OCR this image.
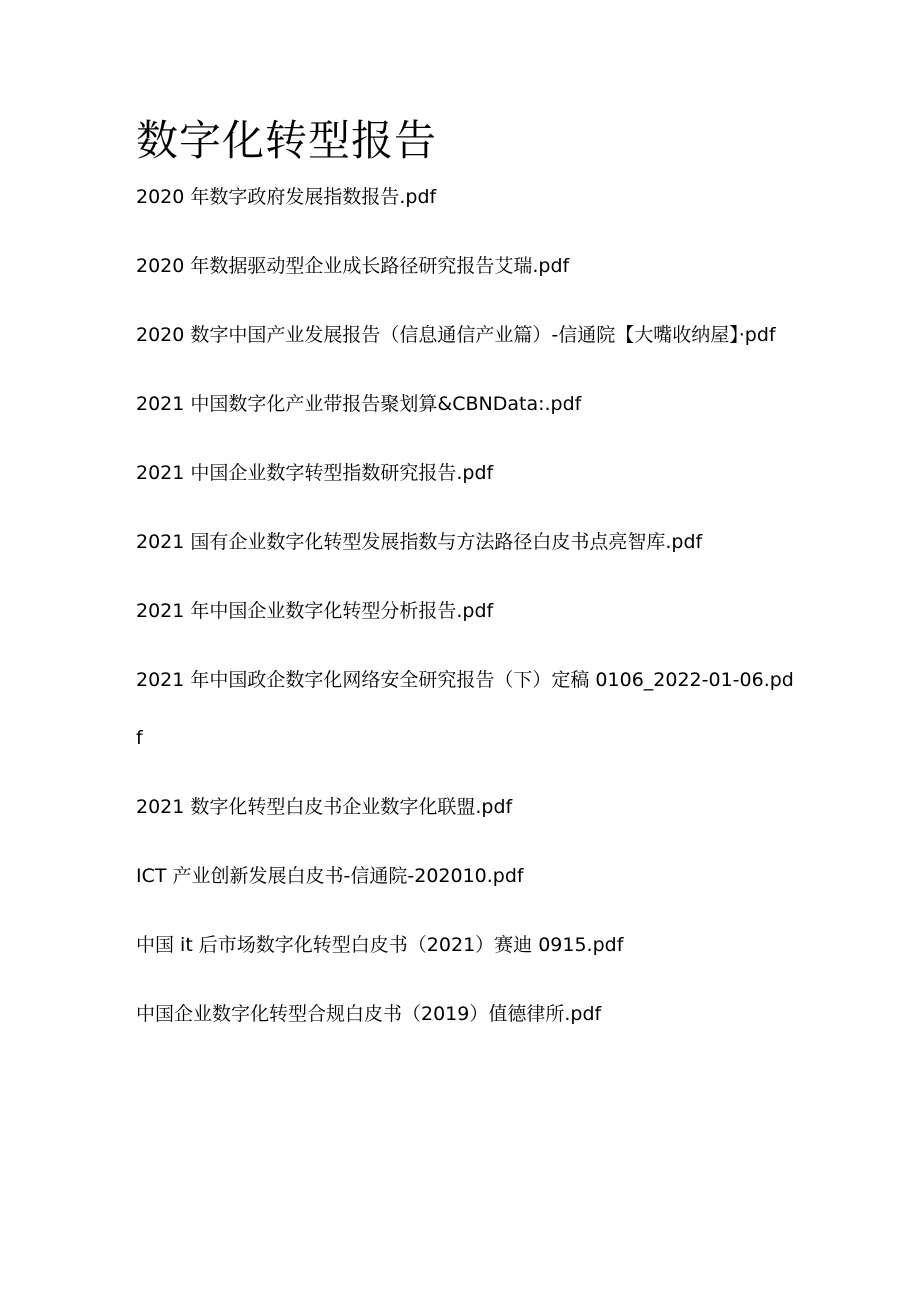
数字化转型报告
2020 年数字政府发展指数报告.pdf
2020 年数据驱动型企业成长路径研究报告艾瑞.pdf
2020 数字中国产业发展报告（信息通信产业篇）-信通院【大嘴收纳屋】·pdf
2021 中国数字化产业带报告聚划算&CBNData:.pdf
2021 中国企业数字转型指数研究报告.pdf
2021 国有企业数字化转型发展指数与方法路径白皮书点亮智库.pdf
2021 年中国企业数字化转型分析报告.pdf
2021 年中国政企数字化网络安全研究报告（下）定稿 0106_2022-01-06.pdf
2021 数字化转型白皮书企业数字化联盟.pdf
ICT 产业创新发展白皮书-信通院-202010.pdf
中国 it 后市场数字化转型白皮书（2021）赛迪 0915.pdf
中国企业数字化转型合规白皮书（2019）值德律所.pdf
